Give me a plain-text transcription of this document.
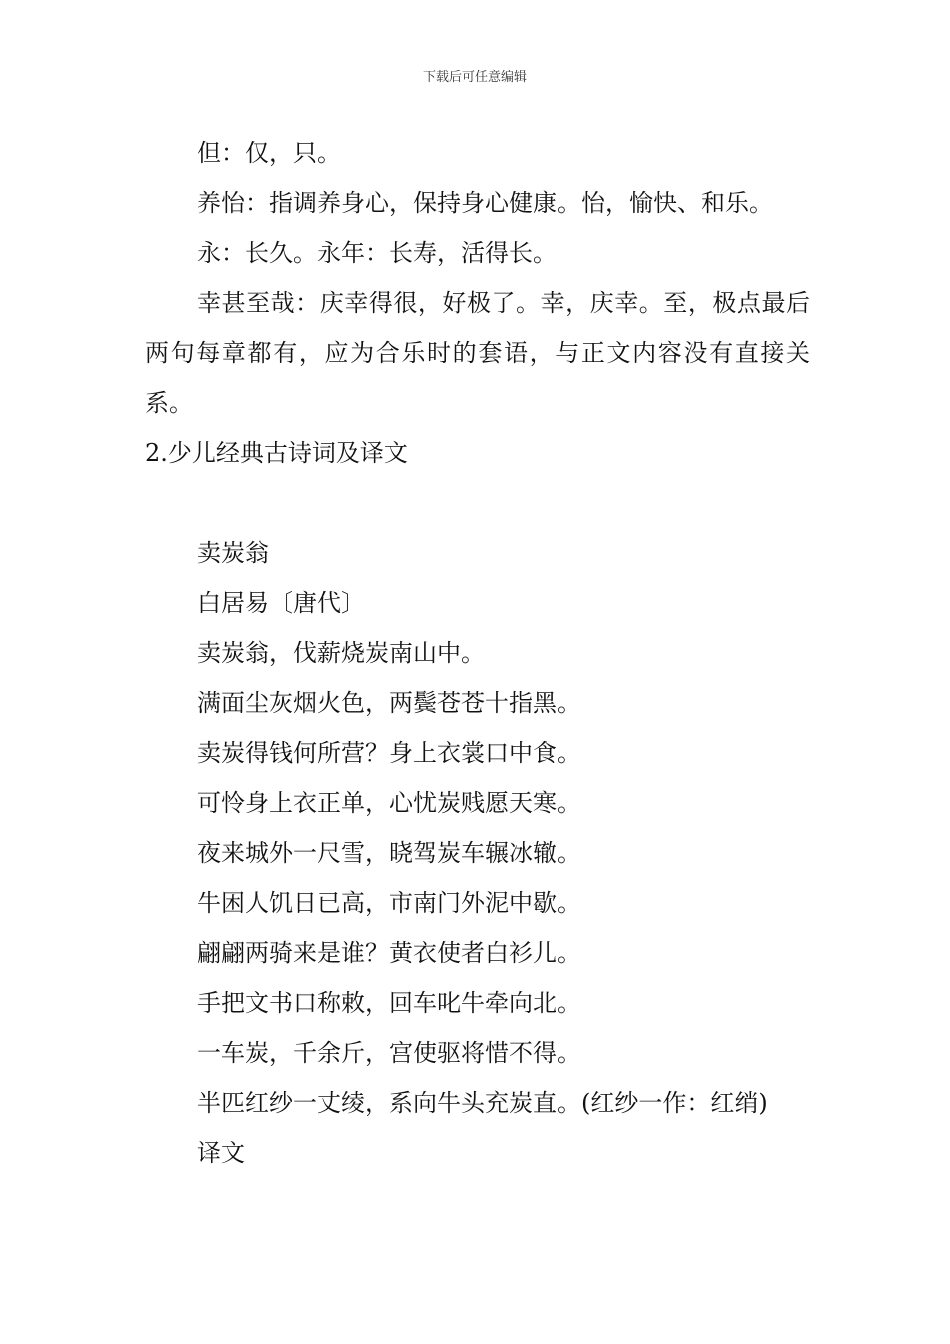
下载后可任意编辑

但：仅，只。

养怡：指调养身心，保持身心健康。怡，愉快、和乐。

永：长久。永年：长寿，活得长。

幸甚至哉：庆幸得很，好极了。幸，庆幸。至，极点最后两句每章都有，应为合乐时的套语，与正文内容没有直接关系。

2.少儿经典古诗词及译文

卖炭翁

白居易〔唐代〕

卖炭翁，伐薪烧炭南山中。

满面尘灰烟火色，两鬓苍苍十指黑。

卖炭得钱何所营？身上衣裳口中食。

可怜身上衣正单，心忧炭贱愿天寒。

夜来城外一尺雪，晓驾炭车辗冰辙。

牛困人饥日已高，市南门外泥中歇。

翩翩两骑来是谁？黄衣使者白衫儿。

手把文书口称敕，回车叱牛牵向北。

一车炭，千余斤，宫使驱将惜不得。

半匹红纱一丈绫，系向牛头充炭直。(红纱一作：红绡)

译文
